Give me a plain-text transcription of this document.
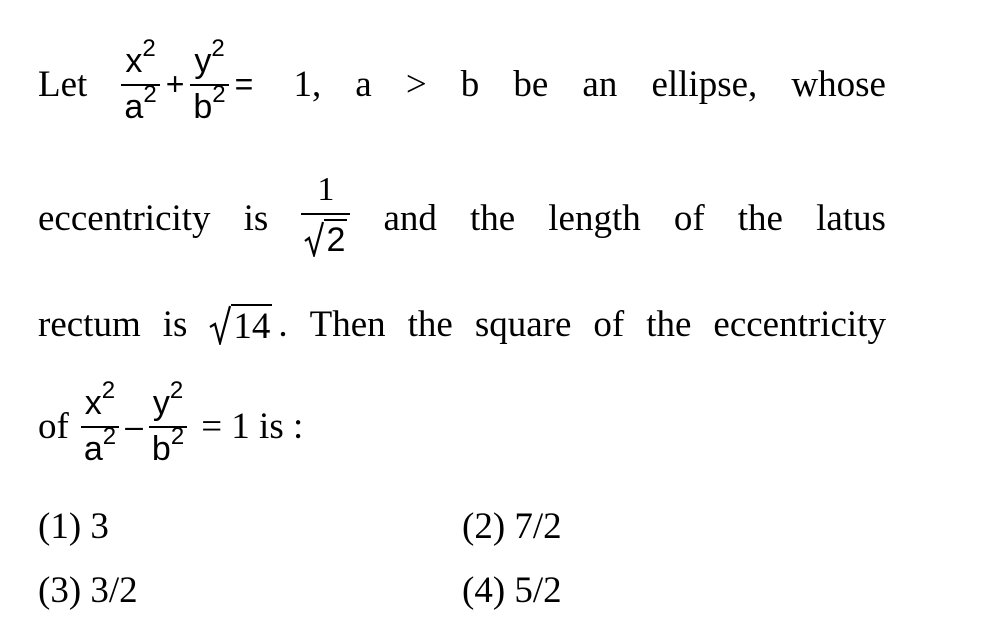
Let $\frac{x^2}{a^2} + \frac{y^2}{b^2} = 1$, a > b be an ellipse, whose
eccentricity is $\frac{1}{2}$ and the length of the latus
rectum is 14 . Then the square of the eccentricity
of $\frac{x^2}{a^2} - \frac{y^2}{b^2} = 1$ is :
(1) 3	(2) 7/2
(3) 3/2	(4) 5/2
